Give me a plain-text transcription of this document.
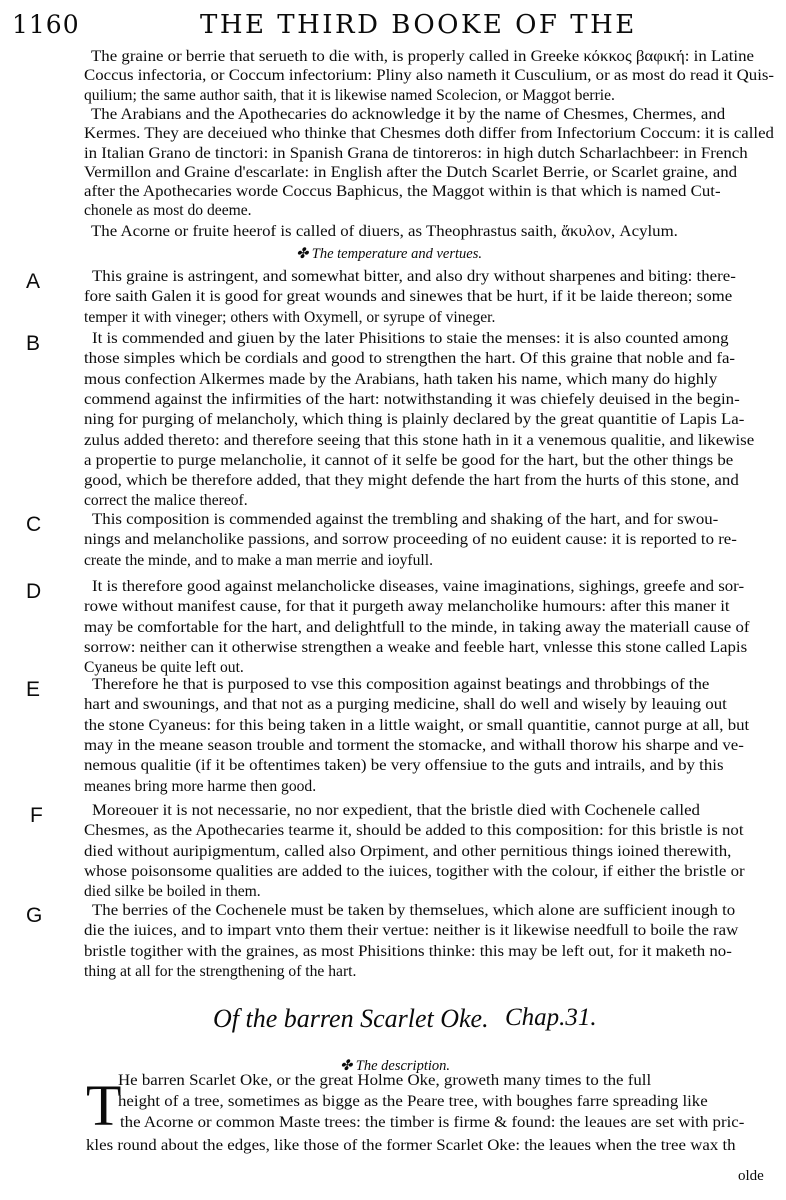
1160	THE THIRD BOOKE OF THE
The graine or berrie that serueth to die with, is properly called in Greeke κόκκος βαφική: in Latine
Coccus infectoria, or Coccum infectorium: Pliny also nameth it Cusculium, or as most do read it Quis-
quilium; the same author saith, that it is likewise named Scolecion, or Maggot berrie.
The Arabians and the Apothecaries do acknowledge it by the name of Chesmes, Chermes, and
Kermes. They are deceiued who thinke that Chesmes doth differ from Infectorium Coccum: it is called
in Italian Grano de tinctori: in Spanish Grana de tintoreros: in high dutch Scharlachbeer: in French
Vermillon and Graine d'escarlate: in English after the Dutch Scarlet Berrie, or Scarlet graine, and
after the Apothecaries worde Coccus Baphicus, the Maggot within is that which is named Cut-
chonele as most do deeme.
The Acorne or fruite heerof is called of diuers, as Theophrastus saith, ἄκυλον, Acylum.
✤ The temperature and vertues.
A	This graine is astringent, and somewhat bitter, and also dry without sharpenes and biting: there-
fore saith Galen it is good for great wounds and sinewes that be hurt, if it be laide thereon; some
temper it with vineger; others with Oxymell, or syrupe of vineger.
B	It is commended and giuen by the later Phisitions to staie the menses: it is also counted among
those simples which be cordials and good to strengthen the hart. Of this graine that noble and fa-
mous confection Alkermes made by the Arabians, hath taken his name, which many do highly
commend against the infirmities of the hart: notwithstanding it was chiefely deuised in the begin-
ning for purging of melancholy, which thing is plainly declared by the great quantitie of Lapis La-
zulus added thereto: and therefore seeing that this stone hath in it a venemous qualitie, and likewise
a propertie to purge melancholie, it cannot of it selfe be good for the hart, but the other things be
good, which be therefore added, that they might defende the hart from the hurts of this stone, and
correct the malice thereof.
C	This composition is commended against the trembling and shaking of the hart, and for swou-
nings and melancholike passions, and sorrow proceeding of no euident cause: it is reported to re-
create the minde, and to make a man merrie and ioyfull.
D	It is therefore good against melancholicke diseases, vaine imaginations, sighings, greefe and sor-
rowe without manifest cause, for that it purgeth away melancholike humours: after this maner it
may be comfortable for the hart, and delightfull to the minde, in taking away the materiall cause of
sorrow: neither can it otherwise strengthen a weake and feeble hart, vnlesse this stone called Lapis
Cyaneus be quite left out.
E	Therefore he that is purposed to vse this composition against beatings and throbbings of the
hart and swounings, and that not as a purging medicine, shall do well and wisely by leauing out
the stone Cyaneus: for this being taken in a little waight, or small quantitie, cannot purge at all, but
may in the meane season trouble and torment the stomacke, and withall thorow his sharpe and ve-
nemous qualitie (if it be oftentimes taken) be very offensiue to the guts and intrails, and by this
meanes bring more harme then good.
F	Moreouer it is not necessarie, no nor expedient, that the bristle died with Cochenele called
Chesmes, as the Apothecaries tearme it, should be added to this composition: for this bristle is not
died without auripigmentum, called also Orpiment, and other pernitious things ioined therewith,
whose poisonsome qualities are added to the iuices, togither with the colour, if either the bristle or
died silke be boiled in them.
G	The berries of the Cochenele must be taken by themselues, which alone are sufficient inough to
die the iuices, and to impart vnto them their vertue: neither is it likewise needfull to boile the raw
bristle togither with the graines, as most Phisitions thinke: this may be left out, for it maketh no-
thing at all for the strengthening of the hart.
✤ The description.
He barren Scarlet Oke, or the great Holme Oke, groweth many times to the full
height of a tree, sometimes as bigge as the Peare tree, with boughes farre spreading like
the Acorne or common Maste trees: the timber is firme & found: the leaues are set with pric-
kles round about the edges, like those of the former Scarlet Oke: the leaues when the tree wax th
Of the barren Scarlet Oke. Chap.31.
T
olde
